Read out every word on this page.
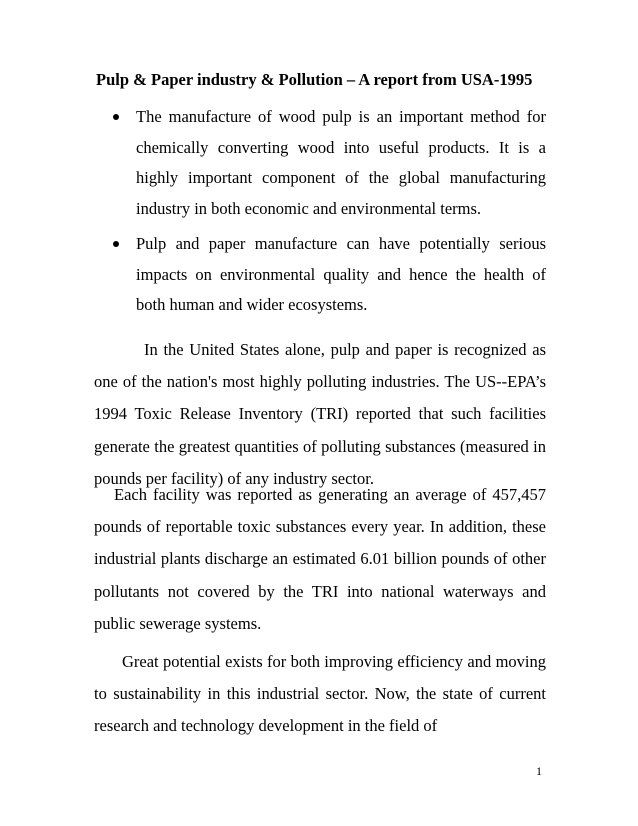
Pulp & Paper industry & Pollution – A report from USA-1995
The manufacture of wood pulp is an important method for chemically converting wood into useful products. It is a highly important component of the global manufacturing industry in both economic and environmental terms.
Pulp and paper manufacture can have potentially serious impacts on environmental quality and hence the health of both human and wider ecosystems.

In the United States alone, pulp and paper is recognized as one of the nation's most highly polluting industries. The US--EPA’s 1994 Toxic Release Inventory (TRI) reported that such facilities generate the greatest quantities of polluting substances (measured in pounds per facility) of any industry sector.

Each facility was reported as generating an average of 457,457 pounds of reportable toxic substances every year. In addition, these industrial plants discharge an estimated 6.01 billion pounds of other pollutants not covered by the TRI into national waterways and public sewerage systems.

Great potential exists for both improving efficiency and moving to sustainability in this industrial sector. Now, the state of current research and technology development in the field of

1
